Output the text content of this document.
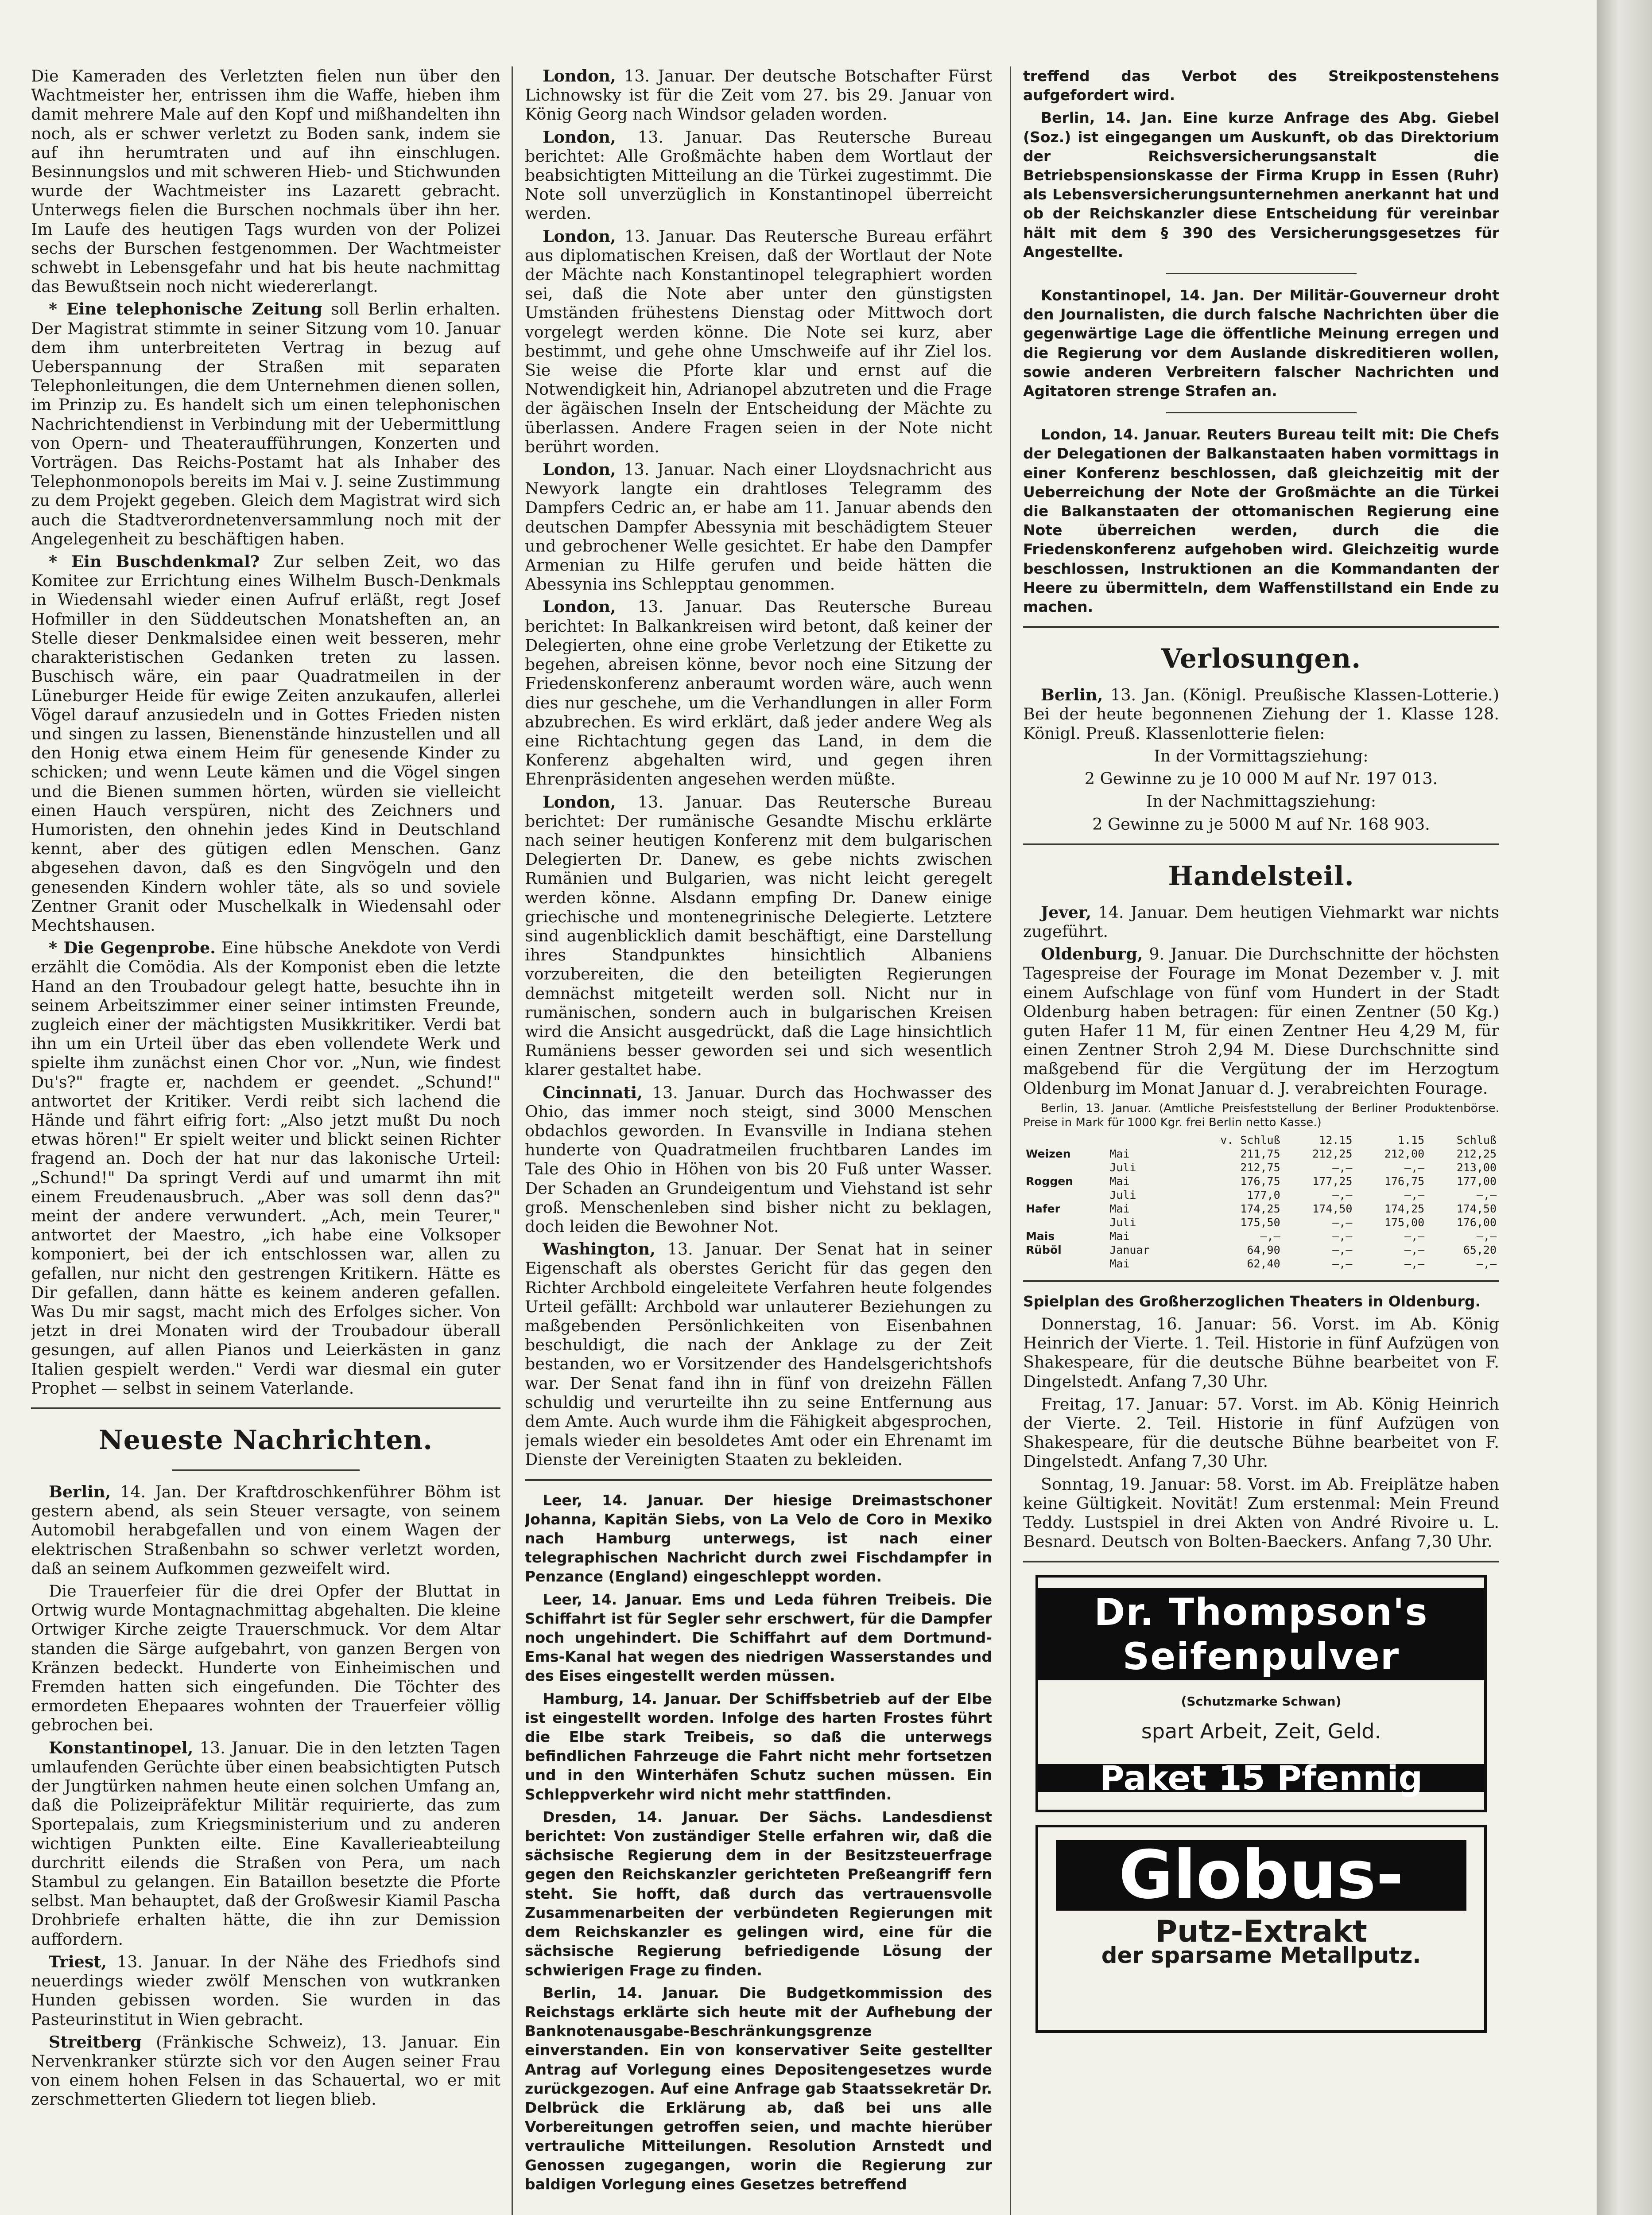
Die Kameraden des Verletzten fielen nun über den Wachtmeister her, entrissen ihm die Waffe, hieben ihm damit mehrere Male auf den Kopf und mißhandelten ihn noch, als er schwer verletzt zu Boden sank, indem sie auf ihn herumtraten und auf ihn einschlugen. Besinnungslos und mit schweren Hieb- und Stichwunden wurde der Wachtmeister ins Lazarett gebracht. Unterwegs fielen die Burschen nochmals über ihn her. Im Laufe des heutigen Tags wurden von der Polizei sechs der Burschen festgenommen. Der Wachtmeister schwebt in Lebensgefahr und hat bis heute nachmittag das Bewußtsein noch nicht wiedererlangt.

* Eine telephonische Zeitung soll Berlin erhalten. Der Magistrat stimmte in seiner Sitzung vom 10. Januar dem ihm unterbreiteten Vertrag in bezug auf Ueberspannung der Straßen mit separaten Telephonleitungen, die dem Unternehmen dienen sollen, im Prinzip zu. Es handelt sich um einen telephonischen Nachrichtendienst in Verbindung mit der Uebermittlung von Opern- und Theateraufführungen, Konzerten und Vorträgen. Das Reichs-Postamt hat als Inhaber des Telephonmonopols bereits im Mai v. J. seine Zustimmung zu dem Projekt gegeben. Gleich dem Magistrat wird sich auch die Stadtverordnetenversammlung noch mit der Angelegenheit zu beschäftigen haben.

* Ein Buschdenkmal? Zur selben Zeit, wo das Komitee zur Errichtung eines Wilhelm Busch-Denkmals in Wiedensahl wieder einen Aufruf erläßt, regt Josef Hofmiller in den Süddeutschen Monatsheften an, an Stelle dieser Denkmalsidee einen weit besseren, mehr charakteristischen Gedanken treten zu lassen. Buschisch wäre, ein paar Quadratmeilen in der Lüneburger Heide für ewige Zeiten anzukaufen, allerlei Vögel darauf anzusiedeln und in Gottes Frieden nisten und singen zu lassen, Bienenstände hinzustellen und all den Honig etwa einem Heim für genesende Kinder zu schicken; und wenn Leute kämen und die Vögel singen und die Bienen summen hörten, würden sie vielleicht einen Hauch verspüren, nicht des Zeichners und Humoristen, den ohnehin jedes Kind in Deutschland kennt, aber des gütigen edlen Menschen. Ganz abgesehen davon, daß es den Singvögeln und den genesenden Kindern wohler täte, als so und soviele Zentner Granit oder Muschelkalk in Wiedensahl oder Mechtshausen.

* Die Gegenprobe. Eine hübsche Anekdote von Verdi erzählt die Comödia. Als der Komponist eben die letzte Hand an den Troubadour gelegt hatte, besuchte ihn in seinem Arbeitszimmer einer seiner intimsten Freunde, zugleich einer der mächtigsten Musikkritiker. Verdi bat ihn um ein Urteil über das eben vollendete Werk und spielte ihm zunächst einen Chor vor. „Nun, wie findest Du's?" fragte er, nachdem er geendet. „Schund!" antwortet der Kritiker. Verdi reibt sich lachend die Hände und fährt eifrig fort: „Also jetzt mußt Du noch etwas hören!" Er spielt weiter und blickt seinen Richter fragend an. Doch der hat nur das lakonische Urteil: „Schund!" Da springt Verdi auf und umarmt ihn mit einem Freudenausbruch. „Aber was soll denn das?" meint der andere verwundert. „Ach, mein Teurer," antwortet der Maestro, „ich habe eine Volksoper komponiert, bei der ich entschlossen war, allen zu gefallen, nur nicht den gestrengen Kritikern. Hätte es Dir gefallen, dann hätte es keinem anderen gefallen. Was Du mir sagst, macht mich des Erfolges sicher. Von jetzt in drei Monaten wird der Troubadour überall gesungen, auf allen Pianos und Leierkästen in ganz Italien gespielt werden." Verdi war diesmal ein guter Prophet — selbst in seinem Vaterlande.

Neueste Nachrichten.

Berlin, 14. Jan. Der Kraftdroschkenführer Böhm ist gestern abend, als sein Steuer versagte, von seinem Automobil herabgefallen und von einem Wagen der elektrischen Straßenbahn so schwer verletzt worden, daß an seinem Aufkommen gezweifelt wird.

Die Trauerfeier für die drei Opfer der Bluttat in Ortwig wurde Montagnachmittag abgehalten. Die kleine Ortwiger Kirche zeigte Trauerschmuck. Vor dem Altar standen die Särge aufgebahrt, von ganzen Bergen von Kränzen bedeckt. Hunderte von Einheimischen und Fremden hatten sich eingefunden. Die Töchter des ermordeten Ehepaares wohnten der Trauerfeier völlig gebrochen bei.

Konstantinopel, 13. Januar. Die in den letzten Tagen umlaufenden Gerüchte über einen beabsichtigten Putsch der Jungtürken nahmen heute einen solchen Umfang an, daß die Polizeipräfektur Militär requirierte, das zum Sportepalais, zum Kriegsministerium und zu anderen wichtigen Punkten eilte. Eine Kavallerieabteilung durchritt eilends die Straßen von Pera, um nach Stambul zu gelangen. Ein Bataillon besetzte die Pforte selbst. Man behauptet, daß der Großwesir Kiamil Pascha Drohbriefe erhalten hätte, die ihn zur Demission auffordern.

Triest, 13. Januar. In der Nähe des Friedhofs sind neuerdings wieder zwölf Menschen von wutkranken Hunden gebissen worden. Sie wurden in das Pasteurinstitut in Wien gebracht.

Streitberg (Fränkische Schweiz), 13. Januar. Ein Nervenkranker stürzte sich vor den Augen seiner Frau von einem hohen Felsen in das Schauertal, wo er mit zerschmetterten Gliedern tot liegen blieb.

London, 13. Januar. Der deutsche Botschafter Fürst Lichnowsky ist für die Zeit vom 27. bis 29. Januar von König Georg nach Windsor geladen worden.

London, 13. Januar. Das Reutersche Bureau berichtet: Alle Großmächte haben dem Wortlaut der beabsichtigten Mitteilung an die Türkei zugestimmt. Die Note soll unverzüglich in Konstantinopel überreicht werden.

London, 13. Januar. Das Reutersche Bureau erfährt aus diplomatischen Kreisen, daß der Wortlaut der Note der Mächte nach Konstantinopel telegraphiert worden sei, daß die Note aber unter den günstigsten Umständen frühestens Dienstag oder Mittwoch dort vorgelegt werden könne. Die Note sei kurz, aber bestimmt, und gehe ohne Umschweife auf ihr Ziel los. Sie weise die Pforte klar und ernst auf die Notwendigkeit hin, Adrianopel abzutreten und die Frage der ägäischen Inseln der Entscheidung der Mächte zu überlassen. Andere Fragen seien in der Note nicht berührt worden.

London, 13. Januar. Nach einer Lloydsnachricht aus Newyork langte ein drahtloses Telegramm des Dampfers Cedric an, er habe am 11. Januar abends den deutschen Dampfer Abessynia mit beschädigtem Steuer und gebrochener Welle gesichtet. Er habe den Dampfer Armenian zu Hilfe gerufen und beide hätten die Abessynia ins Schlepptau genommen.

London, 13. Januar. Das Reutersche Bureau berichtet: In Balkankreisen wird betont, daß keiner der Delegierten, ohne eine grobe Verletzung der Etikette zu begehen, abreisen könne, bevor noch eine Sitzung der Friedenskonferenz anberaumt worden wäre, auch wenn dies nur geschehe, um die Verhandlungen in aller Form abzubrechen. Es wird erklärt, daß jeder andere Weg als eine Richtachtung gegen das Land, in dem die Konferenz abgehalten wird, und gegen ihren Ehrenpräsidenten angesehen werden müßte.

London, 13. Januar. Das Reutersche Bureau berichtet: Der rumänische Gesandte Mischu erklärte nach seiner heutigen Konferenz mit dem bulgarischen Delegierten Dr. Danew, es gebe nichts zwischen Rumänien und Bulgarien, was nicht leicht geregelt werden könne. Alsdann empfing Dr. Danew einige griechische und montenegrinische Delegierte. Letztere sind augenblicklich damit beschäftigt, eine Darstellung ihres Standpunktes hinsichtlich Albaniens vorzubereiten, die den beteiligten Regierungen demnächst mitgeteilt werden soll. Nicht nur in rumänischen, sondern auch in bulgarischen Kreisen wird die Ansicht ausgedrückt, daß die Lage hinsichtlich Rumäniens besser geworden sei und sich wesentlich klarer gestaltet habe.

Cincinnati, 13. Januar. Durch das Hochwasser des Ohio, das immer noch steigt, sind 3000 Menschen obdachlos geworden. In Evansville in Indiana stehen hunderte von Quadratmeilen fruchtbaren Landes im Tale des Ohio in Höhen von bis 20 Fuß unter Wasser. Der Schaden an Grundeigentum und Viehstand ist sehr groß. Menschenleben sind bisher nicht zu beklagen, doch leiden die Bewohner Not.

Washington, 13. Januar. Der Senat hat in seiner Eigenschaft als oberstes Gericht für das gegen den Richter Archbold eingeleitete Verfahren heute folgendes Urteil gefällt: Archbold war unlauterer Beziehungen zu maßgebenden Persönlichkeiten von Eisenbahnen beschuldigt, die nach der Anklage zu der Zeit bestanden, wo er Vorsitzender des Handelsgerichtshofs war. Der Senat fand ihn in fünf von dreizehn Fällen schuldig und verurteilte ihn zu seine Entfernung aus dem Amte. Auch wurde ihm die Fähigkeit abgesprochen, jemals wieder ein besoldetes Amt oder ein Ehrenamt im Dienste der Vereinigten Staaten zu bekleiden.

Leer, 14. Januar. Der hiesige Dreimastschoner Johanna, Kapitän Siebs, von La Velo de Coro in Mexiko nach Hamburg unterwegs, ist nach einer telegraphischen Nachricht durch zwei Fischdampfer in Penzance (England) eingeschleppt worden.

Leer, 14. Januar. Ems und Leda führen Treibeis. Die Schiffahrt ist für Segler sehr erschwert, für die Dampfer noch ungehindert. Die Schiffahrt auf dem Dortmund-Ems-Kanal hat wegen des niedrigen Wasserstandes und des Eises eingestellt werden müssen.

Hamburg, 14. Januar. Der Schiffsbetrieb auf der Elbe ist eingestellt worden. Infolge des harten Frostes führt die Elbe stark Treibeis, so daß die unterwegs befindlichen Fahrzeuge die Fahrt nicht mehr fortsetzen und in den Winterhäfen Schutz suchen müssen. Ein Schleppverkehr wird nicht mehr stattfinden.

Dresden, 14. Januar. Der Sächs. Landesdienst berichtet: Von zuständiger Stelle erfahren wir, daß die sächsische Regierung dem in der Besitzsteuerfrage gegen den Reichskanzler gerichteten Preßeangriff fern steht. Sie hofft, daß durch das vertrauensvolle Zusammenarbeiten der verbündeten Regierungen mit dem Reichskanzler es gelingen wird, eine für die sächsische Regierung befriedigende Lösung der schwierigen Frage zu finden.

Berlin, 14. Januar. Die Budgetkommission des Reichstags erklärte sich heute mit der Aufhebung der Banknotenausgabe-Beschränkungsgrenze einverstanden. Ein von konservativer Seite gestellter Antrag auf Vorlegung eines Depositengesetzes wurde zurückgezogen. Auf eine Anfrage gab Staatssekretär Dr. Delbrück die Erklärung ab, daß bei uns alle Vorbereitungen getroffen seien, und machte hierüber vertrauliche Mitteilungen. Resolution Arnstedt und Genossen zugegangen, worin die Regierung zur baldigen Vorlegung eines Gesetzes betreffend

treffend das Verbot des Streikpostenstehens aufgefordert wird.

Berlin, 14. Jan. Eine kurze Anfrage des Abg. Giebel (Soz.) ist eingegangen um Auskunft, ob das Direktorium der Reichsversicherungsanstalt die Betriebspensionskasse der Firma Krupp in Essen (Ruhr) als Lebensversicherungsunternehmen anerkannt hat und ob der Reichskanzler diese Entscheidung für vereinbar hält mit dem § 390 des Versicherungsgesetzes für Angestellte.

Konstantinopel, 14. Jan. Der Militär-Gouverneur droht den Journalisten, die durch falsche Nachrichten über die gegenwärtige Lage die öffentliche Meinung erregen und die Regierung vor dem Auslande diskreditieren wollen, sowie anderen Verbreitern falscher Nachrichten und Agitatoren strenge Strafen an.

London, 14. Januar. Reuters Bureau teilt mit: Die Chefs der Delegationen der Balkanstaaten haben vormittags in einer Konferenz beschlossen, daß gleichzeitig mit der Ueberreichung der Note der Großmächte an die Türkei die Balkanstaaten der ottomanischen Regierung eine Note überreichen werden, durch die die Friedenskonferenz aufgehoben wird. Gleichzeitig wurde beschlossen, Instruktionen an die Kommandanten der Heere zu übermitteln, dem Waffenstillstand ein Ende zu machen.

Verlosungen.

Berlin, 13. Jan. (Königl. Preußische Klassen-Lotterie.) Bei der heute begonnenen Ziehung der 1. Klasse 128. Königl. Preuß. Klassenlotterie fielen:

In der Vormittagsziehung:

2 Gewinne zu je 10 000 M auf Nr. 197 013.

In der Nachmittagsziehung:

2 Gewinne zu je 5000 M auf Nr. 168 903.

Handelsteil.

Jever, 14. Januar. Dem heutigen Viehmarkt war nichts zugeführt.

Oldenburg, 9. Januar. Die Durchschnitte der höchsten Tagespreise der Fourage im Monat Dezember v. J. mit einem Aufschlage von fünf vom Hundert in der Stadt Oldenburg haben betragen: für einen Zentner (50 Kg.) guten Hafer 11 M, für einen Zentner Heu 4,29 M, für einen Zentner Stroh 2,94 M. Diese Durchschnitte sind maßgebend für die Vergütung der im Herzogtum Oldenburg im Monat Januar d. J. verabreichten Fourage.

Berlin, 13. Januar. (Amtliche Preisfeststellung der Berliner Produktenbörse. Preise in Mark für 1000 Kgr. frei Berlin netto Kasse.)

		v. Schluß	12.15	1.15	Schluß
Weizen	Mai	211,75	212,25	212,00	212,25
	Juli	212,75	—,—	—,—	213,00
Roggen	Mai	176,75	177,25	176,75	177,00
	Juli	177,0	—,—	—,—	—,—
Hafer	Mai	174,25	174,50	174,25	174,50
	Juli	175,50	—,—	175,00	176,00
Mais	Mai	—,—	—,—	—,—	—,—
Rüböl	Januar	64,90	—,—	—,—	65,20
	Mai	62,40	—,—	—,—	—,—

Spielplan des Großherzoglichen Theaters in Oldenburg.

Donnerstag, 16. Januar: 56. Vorst. im Ab. König Heinrich der Vierte. 1. Teil. Historie in fünf Aufzügen von Shakespeare, für die deutsche Bühne bearbeitet von F. Dingelstedt. Anfang 7,30 Uhr.

Freitag, 17. Januar: 57. Vorst. im Ab. König Heinrich der Vierte. 2. Teil. Historie in fünf Aufzügen von Shakespeare, für die deutsche Bühne bearbeitet von F. Dingelstedt. Anfang 7,30 Uhr.

Sonntag, 19. Januar: 58. Vorst. im Ab. Freiplätze haben keine Gültigkeit. Novität! Zum erstenmal: Mein Freund Teddy. Lustspiel in drei Akten von André Rivoire u. L. Besnard. Deutsch von Bolten-Baeckers. Anfang 7,30 Uhr.

Dr. Thompson's Seifenpulver
(Schutzmarke Schwan)
spart Arbeit, Zeit, Geld.
Paket 15 Pfennig
Globus-
Putz-Extrakt
der sparsame Metallputz.
